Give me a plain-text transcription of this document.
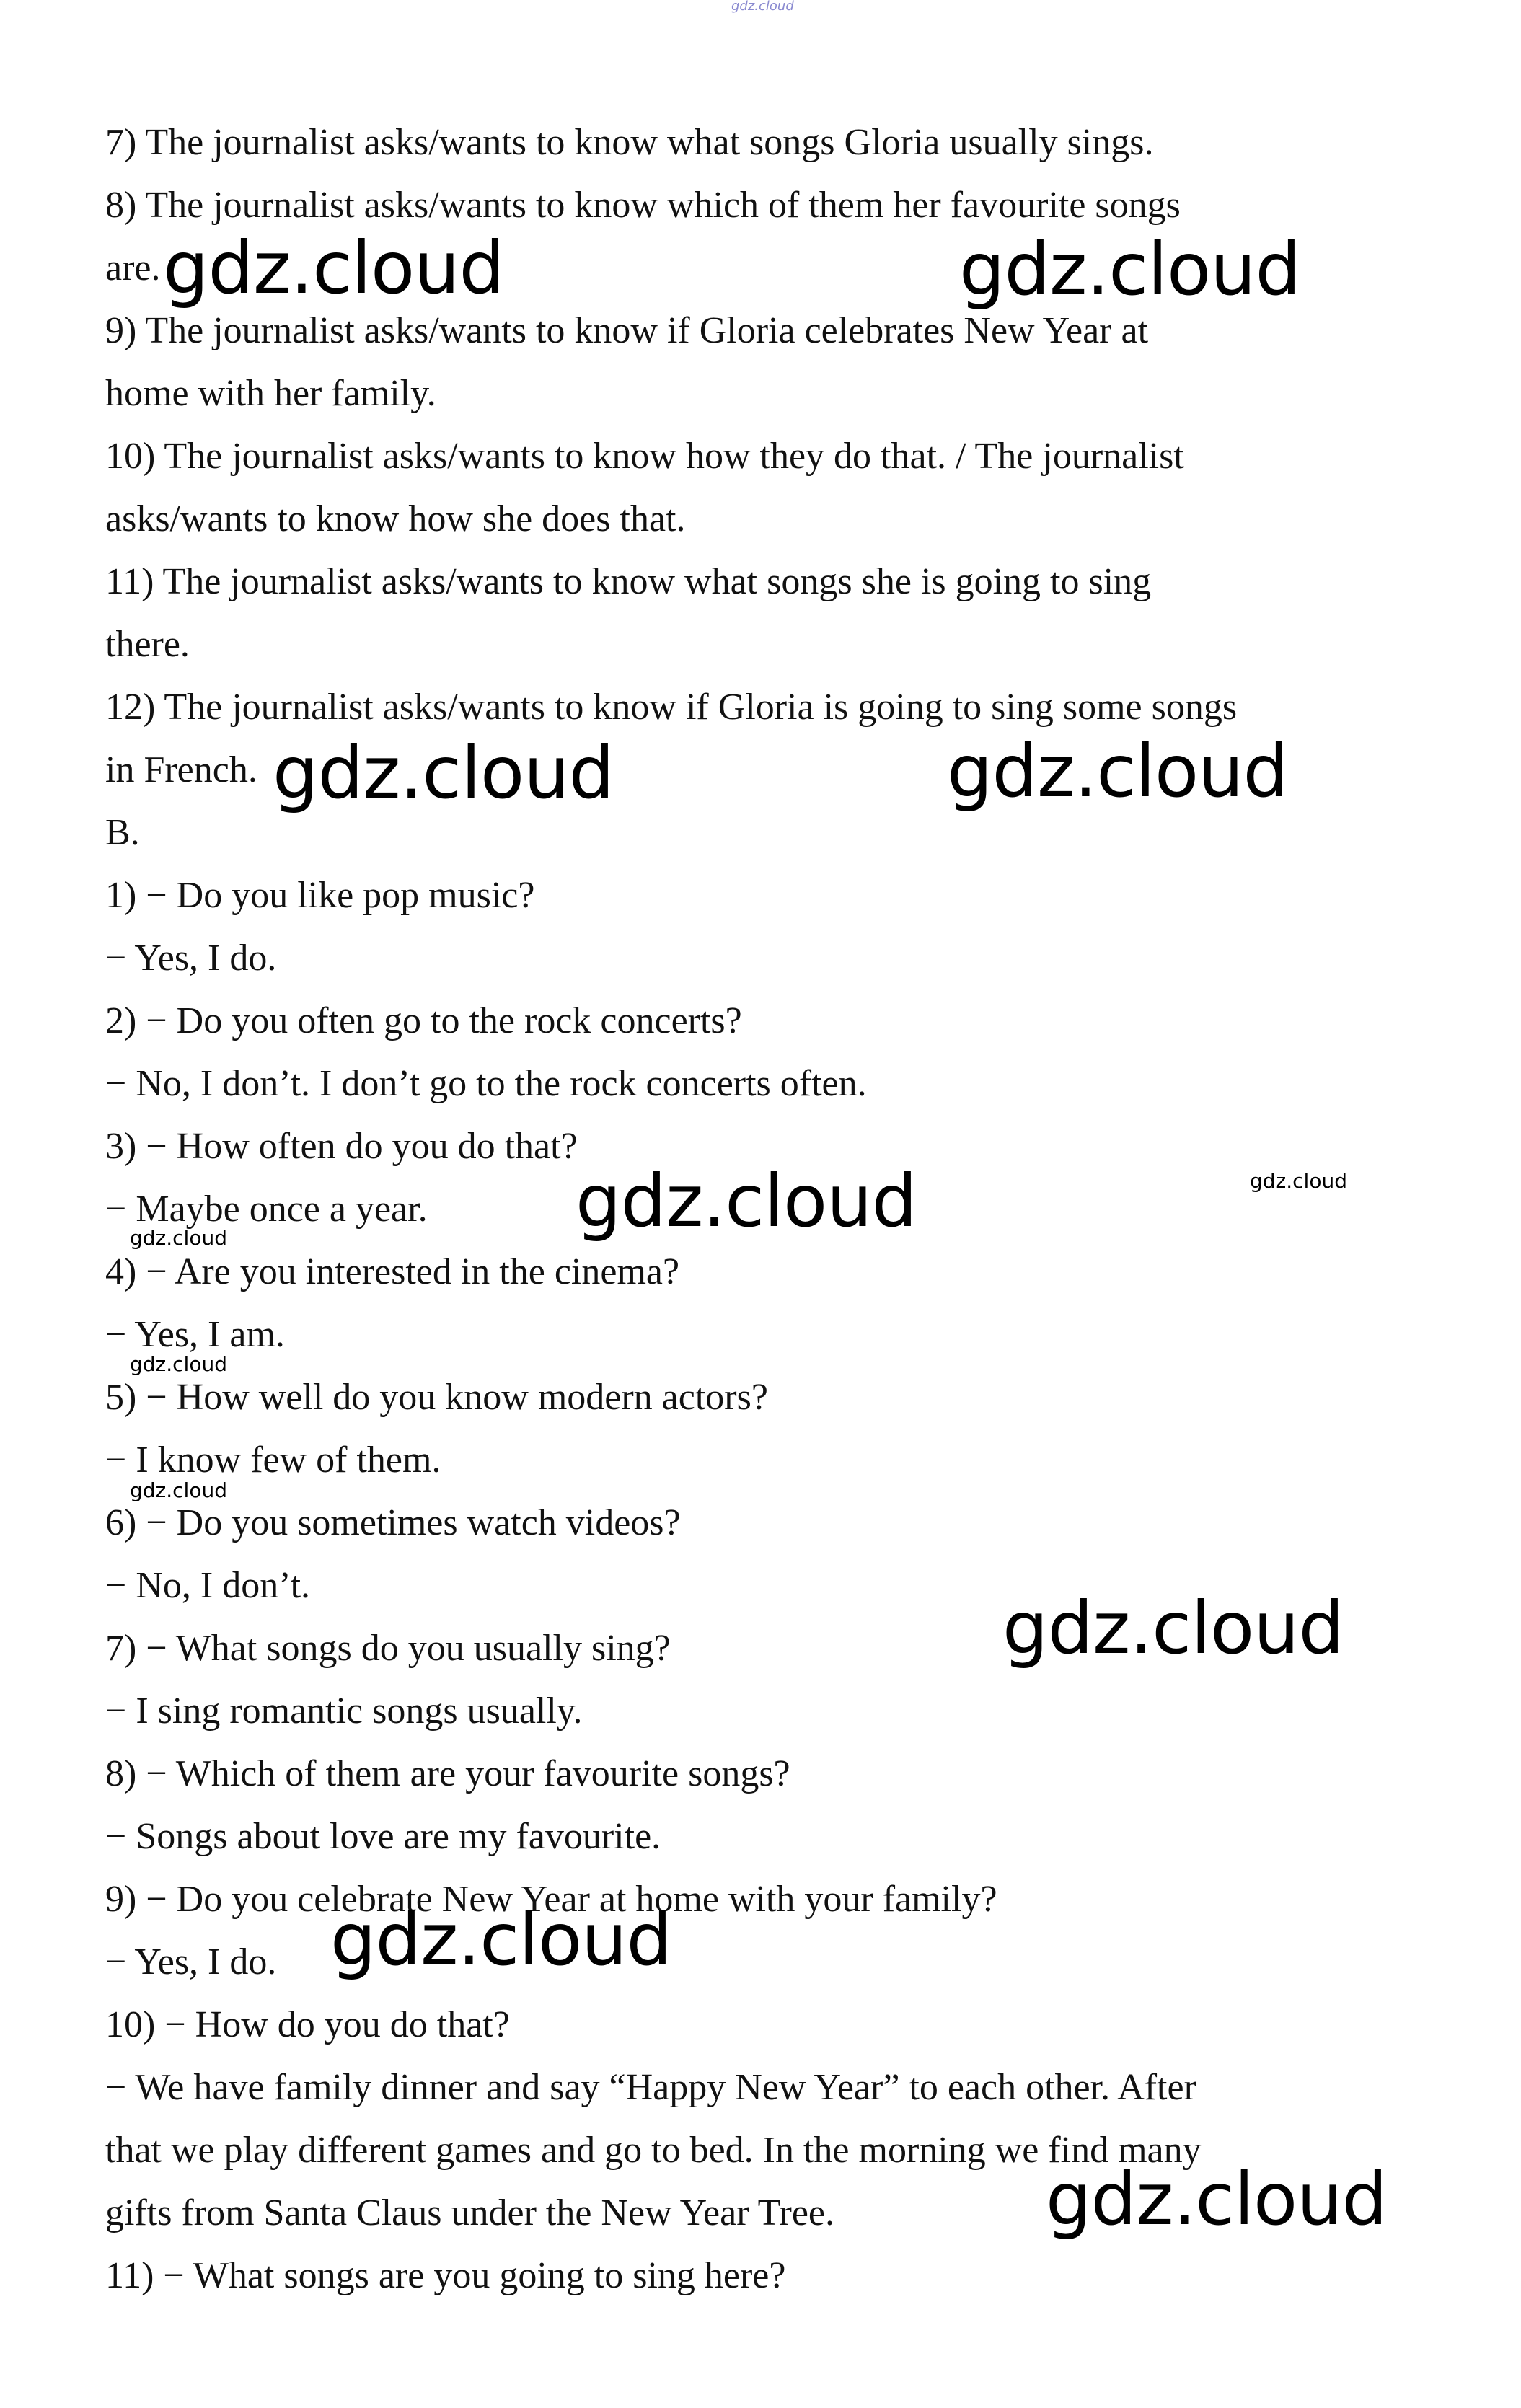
gdz.cloud
7) The journalist asks/wants to know what songs Gloria usually sings.
8) The journalist asks/wants to know which of them her favourite songs
are.
9) The journalist asks/wants to know if Gloria celebrates New Year at
home with her family.
10) The journalist asks/wants to know how they do that. / The journalist
asks/wants to know how she does that.
11) The journalist asks/wants to know what songs she is going to sing
there.
12) The journalist asks/wants to know if Gloria is going to sing some songs
in French.
B.
1) − Do you like pop music?
− Yes, I do.
2) − Do you often go to the rock concerts?
− No, I don’t. I don’t go to the rock concerts often.
3) − How often do you do that?
− Maybe once a year.
4) − Are you interested in the cinema?
− Yes, I am.
5) − How well do you know modern actors?
− I know few of them.
6) − Do you sometimes watch videos?
− No, I don’t.
7) − What songs do you usually sing?
− I sing romantic songs usually.
8) − Which of them are your favourite songs?
− Songs about love are my favourite.
9) − Do you celebrate New Year at home with your family?
− Yes, I do.
10) − How do you do that?
− We have family dinner and say “Happy New Year” to each other. After
that we play different games and go to bed. In the morning we find many
gifts from Santa Claus under the New Year Tree.
11) − What songs are you going to sing here?
gdz.cloud	gdz.cloud
gdz.cloud	gdz.cloud
gdz.cloud
gdz.cloud
gdz.cloud
gdz.cloud
gdz.cloud
gdz.cloud
gdz.cloud
gdz.cloud
